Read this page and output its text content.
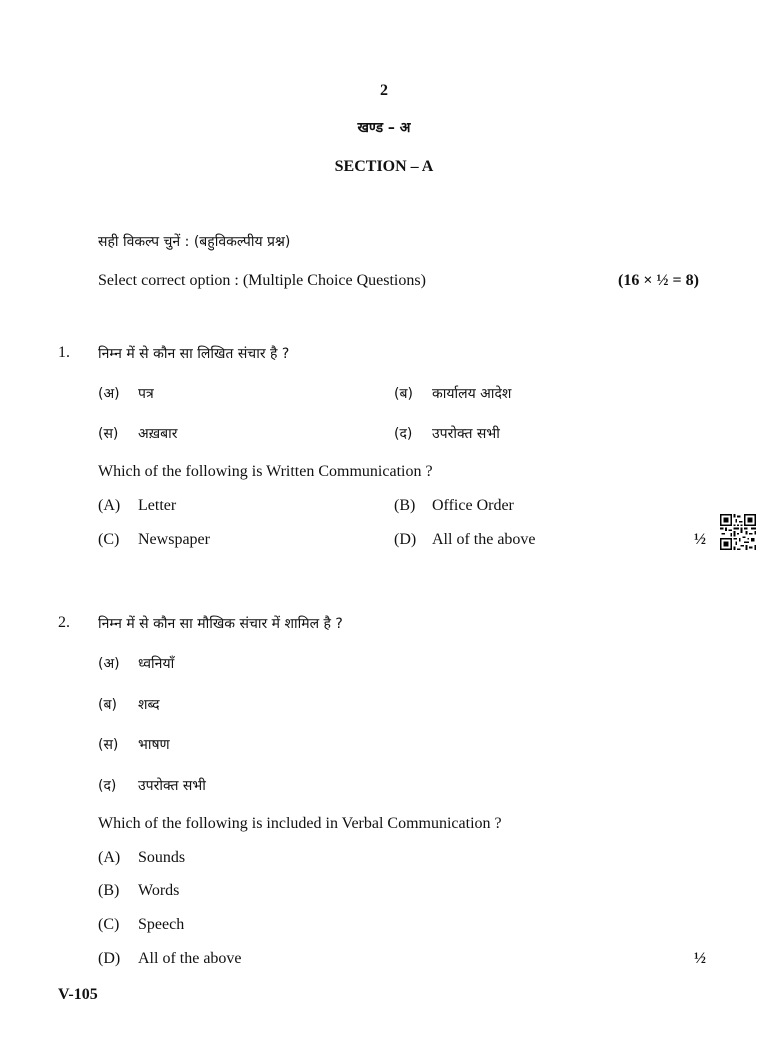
2
खण्ड – अ
SECTION – A
सही विकल्प चुनें : (बहुविकल्पीय प्रश्न)
Select correct option : (Multiple Choice Questions)	(16 × ½ = 8)
1. निम्न में से कौन सा लिखित संचार है ?
(अ) पत्र	(ब) कार्यालय आदेश
(स) अख़बार	(द) उपरोक्त सभी
Which of the following is Written Communication ?
(A) Letter	(B) Office Order
(C) Newspaper	(D) All of the above	½
2. निम्न में से कौन सा मौखिक संचार में शामिल है ?
(अ) ध्वनियाँ
(ब) शब्द
(स) भाषण
(द) उपरोक्त सभी
Which of the following is included in Verbal Communication ?
(A) Sounds
(B) Words
(C) Speech
(D) All of the above	½
V-105
